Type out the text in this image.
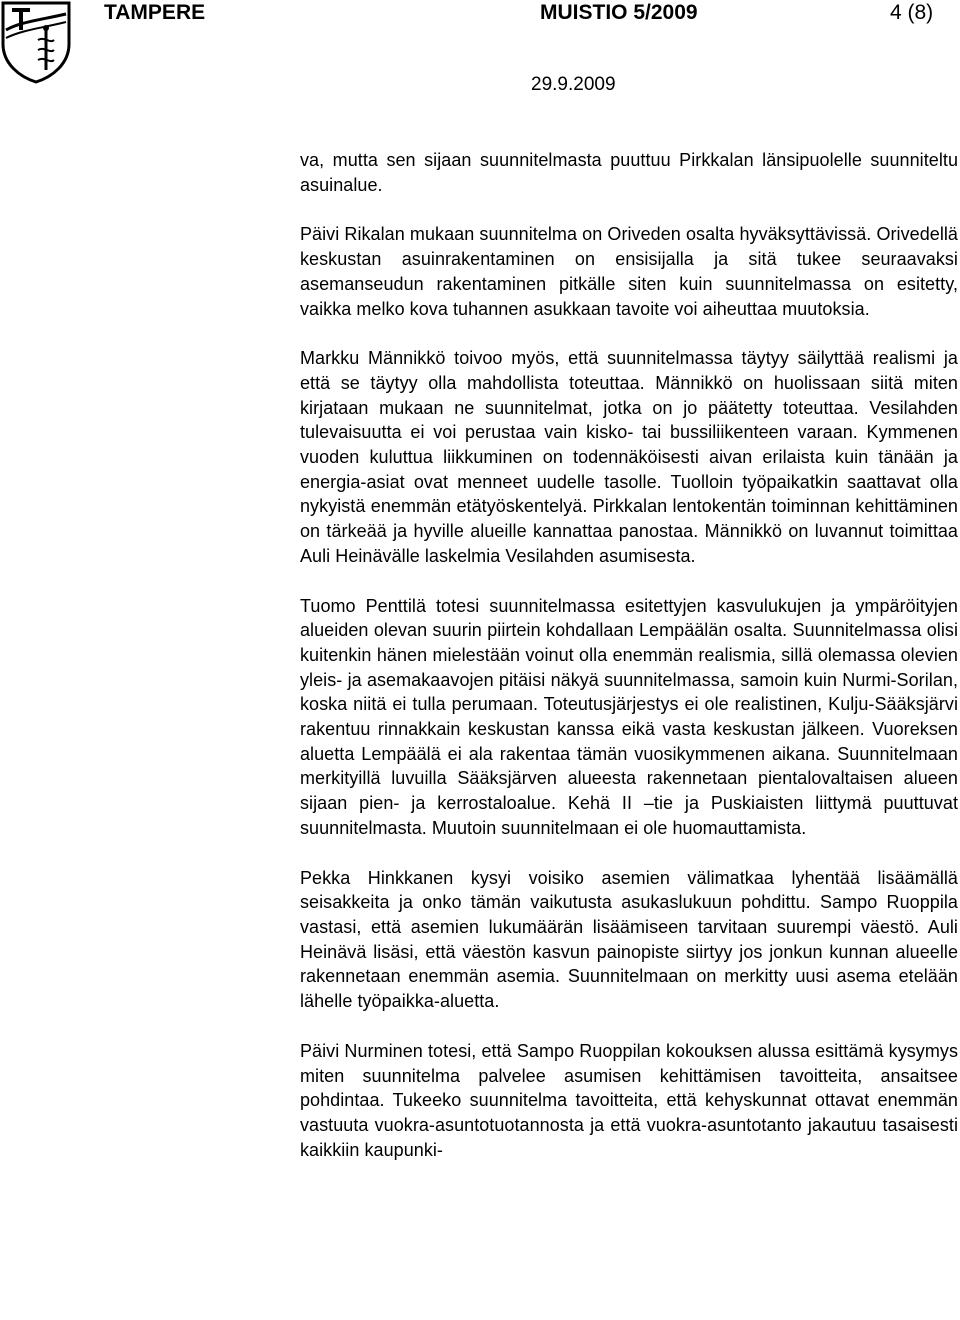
TAMPERE	MUISTIO 5/2009	4 (8)
29.9.2009

va, mutta sen sijaan suunnitelmasta puuttuu Pirkkalan länsipuolelle suunniteltu asuinalue.

Päivi Rikalan mukaan suunnitelma on Oriveden osalta hyväksyttävissä. Orivedellä keskustan asuinrakentaminen on ensisijalla ja sitä tukee seuraavaksi asemanseudun rakentaminen pitkälle siten kuin suunnitelmassa on esitetty, vaikka melko kova tuhannen asukkaan tavoite voi aiheuttaa muutoksia.

Markku Männikkö toivoo myös, että suunnitelmassa täytyy säilyttää realismi ja että se täytyy olla mahdollista toteuttaa. Männikkö on huolissaan siitä miten kirjataan mukaan ne suunnitelmat, jotka on jo päätetty toteuttaa. Vesilahden tulevaisuutta ei voi perustaa vain kisko- tai bussiliikenteen varaan. Kymmenen vuoden kuluttua liikkuminen on todennäköisesti aivan erilaista kuin tänään ja energia-asiat ovat menneet uudelle tasolle. Tuolloin työpaikatkin saattavat olla nykyistä enemmän etätyöskentelyä. Pirkkalan lentokentän toiminnan kehittäminen on tärkeää ja hyville alueille kannattaa panostaa. Männikkö on luvannut toimittaa Auli Heinävälle laskelmia Vesilahden asumisesta.

Tuomo Penttilä totesi suunnitelmassa esitettyjen kasvulukujen ja ympäröityjen alueiden olevan suurin piirtein kohdallaan Lempäälän osalta. Suunnitelmassa olisi kuitenkin hänen mielestään voinut olla enemmän realismia, sillä olemassa olevien yleis- ja asemakaavojen pitäisi näkyä suunnitelmassa, samoin kuin Nurmi-Sorilan, koska niitä ei tulla perumaan. Toteutusjärjestys ei ole realistinen, Kulju-Sääksjärvi rakentuu rinnakkain keskustan kanssa eikä vasta keskustan jälkeen. Vuoreksen aluetta Lempäälä ei ala rakentaa tämän vuosikymmenen aikana. Suunnitelmaan merkityillä luvuilla Sääksjärven alueesta rakennetaan pientalovaltaisen alueen sijaan pien- ja kerrostaloalue. Kehä II –tie ja Puskiaisten liittymä puuttuvat suunnitelmasta. Muutoin suunnitelmaan ei ole huomauttamista.

Pekka Hinkkanen kysyi voisiko asemien välimatkaa lyhentää lisäämällä seisakkeita ja onko tämän vaikutusta asukaslukuun pohdittu. Sampo Ruoppila vastasi, että asemien lukumäärän lisäämiseen tarvitaan suurempi väestö. Auli Heinävä lisäsi, että väestön kasvun painopiste siirtyy jos jonkun kunnan alueelle rakennetaan enemmän asemia. Suunnitelmaan on merkitty uusi asema etelään lähelle työpaikka-aluetta.

Päivi Nurminen totesi, että Sampo Ruoppilan kokouksen alussa esittämä kysymys miten suunnitelma palvelee asumisen kehittämisen tavoitteita, ansaitsee pohdintaa. Tukeeko suunnitelma tavoitteita, että kehyskunnat ottavat enemmän vastuuta vuokra-asuntotuotannosta ja että vuokra-asuntotanto jakautuu tasaisesti kaikkiin kaupunki-
